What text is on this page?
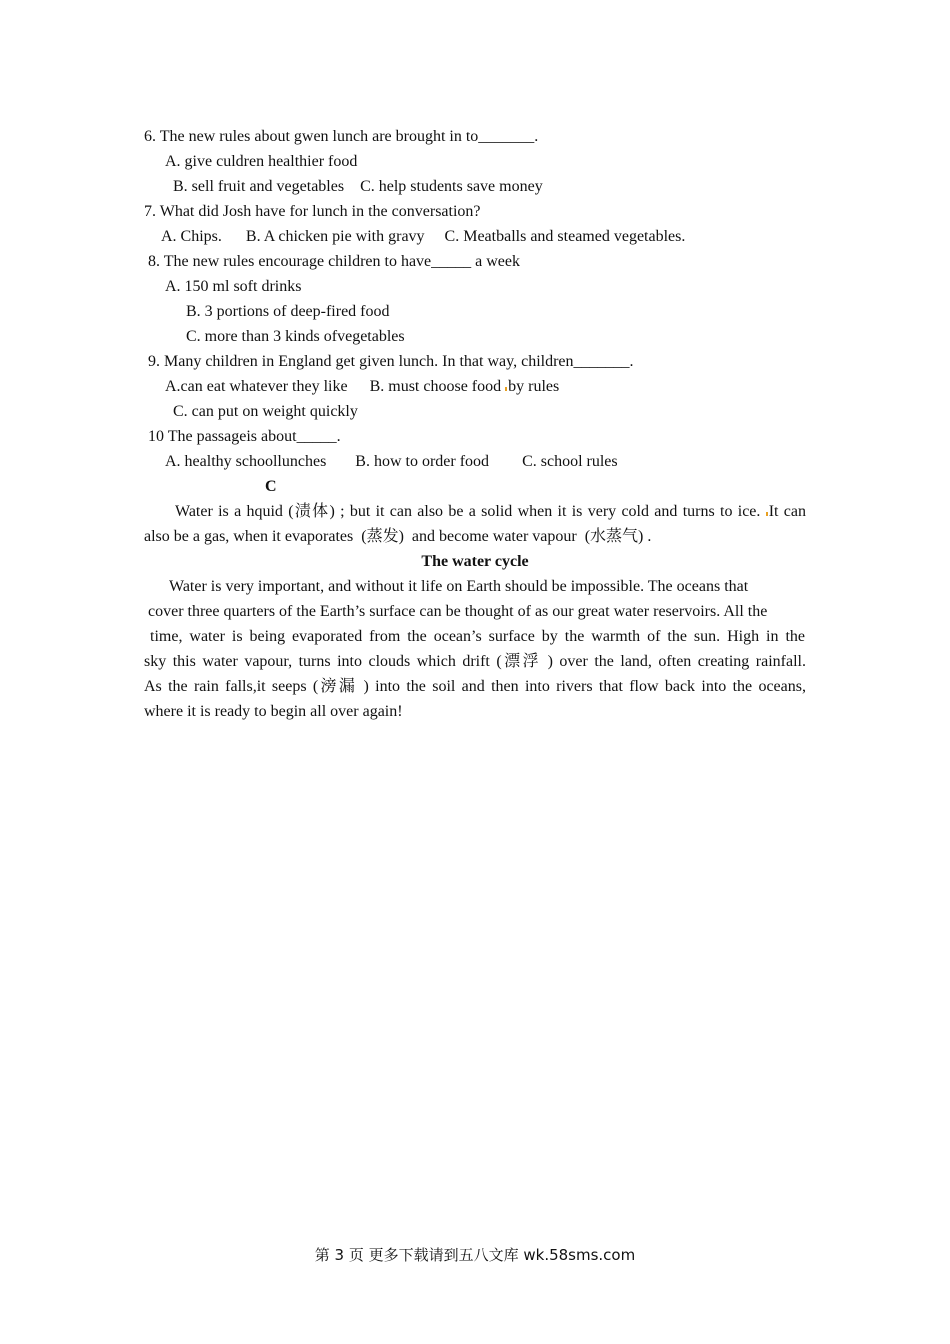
6. The new rules about gwen lunch are brought in to_______.
A. give culdren healthier food
B. sell fruit and vegetables C. help students save money
7. What did Josh have for lunch in the conversation?
A. Chips. B. A chicken pie with gravy C. Meatballs and steamed vegetables.
8. The new rules encourage children to have_____ a week
A. 150 ml soft drinks
B. 3 portions of deep-fired food
C. more than 3 kinds ofvegetables
9. Many children in England get given lunch. In that way, children_______.
A.can eat whatever they like B. must choose food by rules
C. can put on weight quickly
10 The passageis about_____.
A. healthy schoollunches B. how to order food C. school rules
C
Water is a hquid (渍体) ; but it can also be a solid when it is very cold and turns to ice. It can
also be a gas, when it evaporates  (蒸发)  and become water vapour  (水蒸气) .
The water cycle
Water is very important, and without it life on Earth should be impossible. The oceans that
cover three quarters of the Earth’s surface can be thought of as our great water reservoirs. All the
time, water is being evaporated from the ocean’s surface by the warmth of the sun. High in the
sky this water vapour, turns into clouds which drift (漂浮 ) over the land, often creating rainfall.
As the rain falls,it seeps (滂漏 ) into the soil and then into rivers that flow back into the oceans,
where it is ready to begin all over again!
第 3 页 更多下载请到五八文库 wk.58sms.com
